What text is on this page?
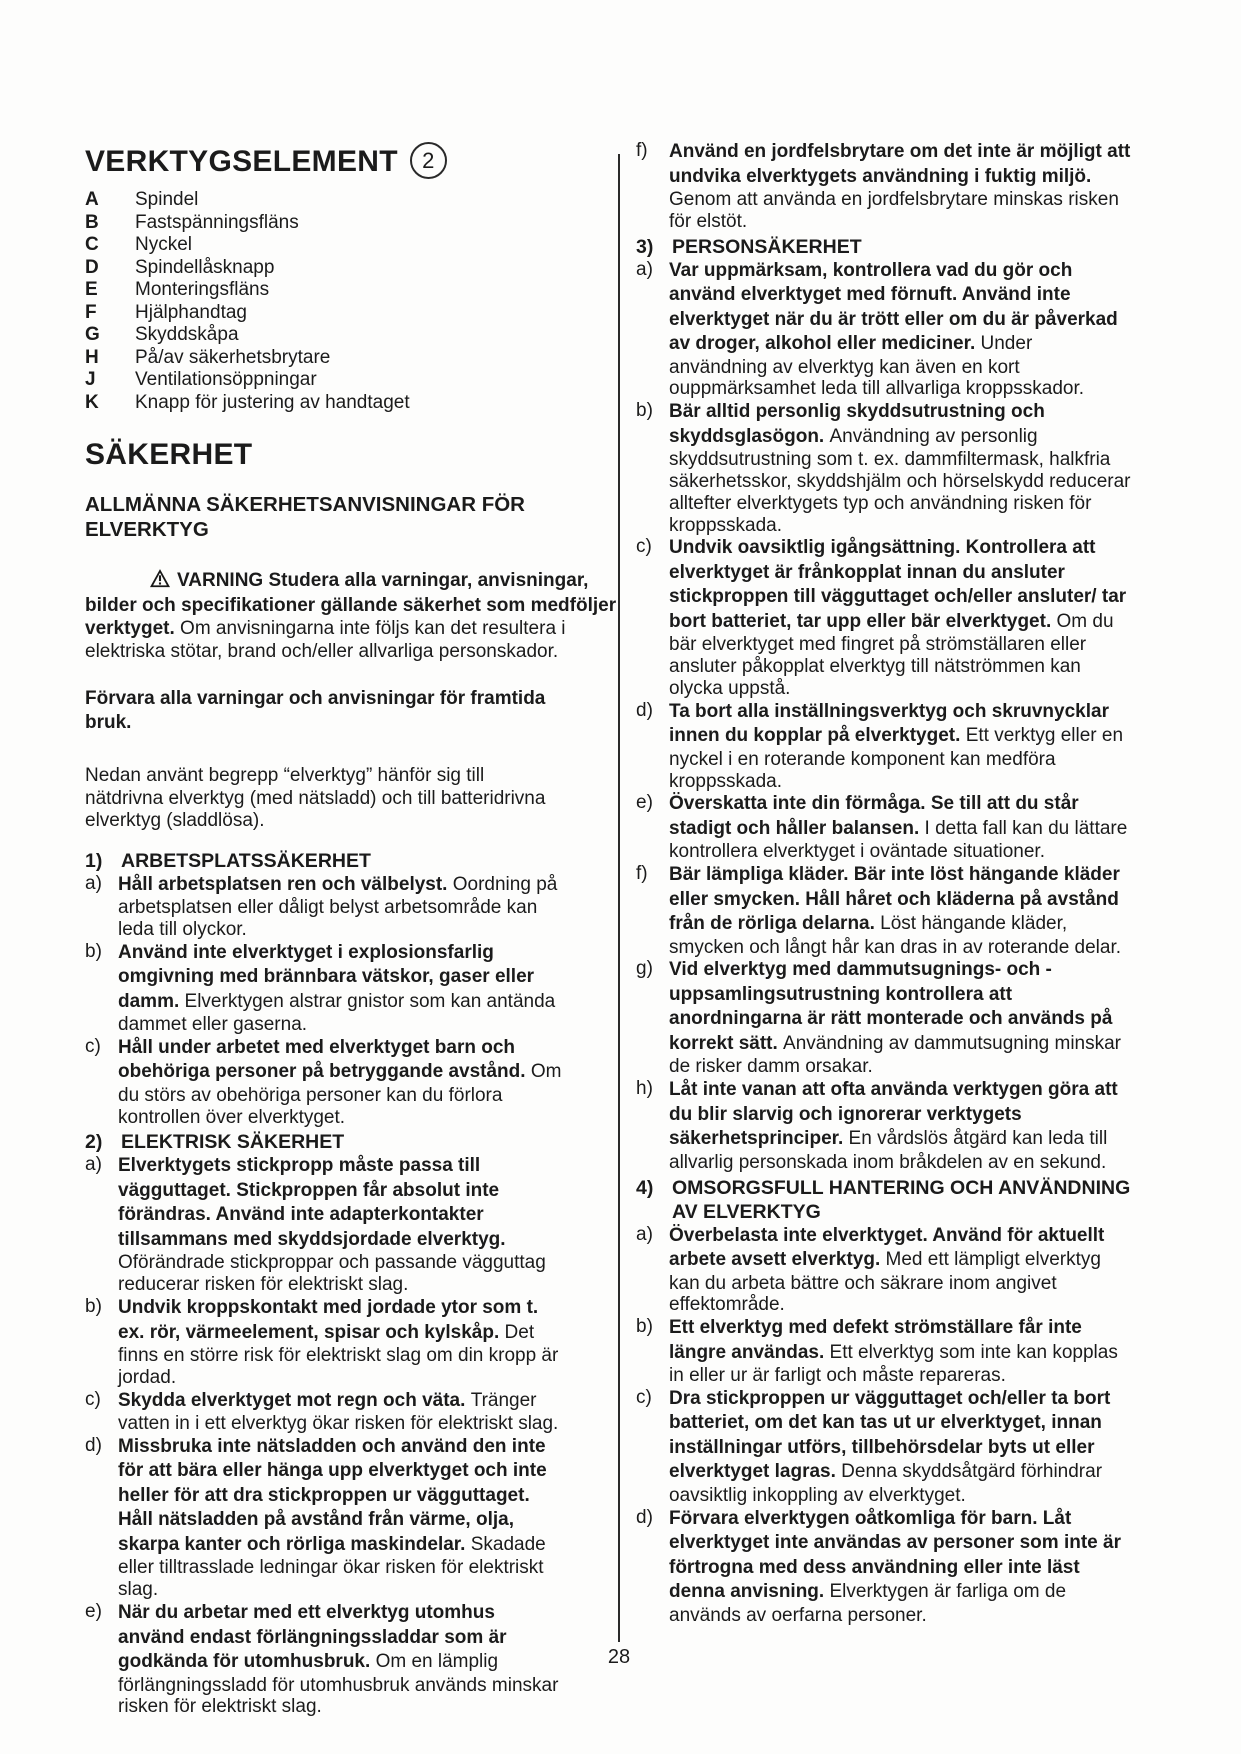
VERKTYGSELEMENT 2
A	Spindel
B	Fastspänningsfläns
C	Nyckel
D	Spindellåsknapp
E	Monteringsfläns
F	Hjälphandtag
G	Skyddskåpa
H	På/av säkerhetsbrytare
J	Ventilationsöppningar
K	Knapp för justering av handtaget
SÄKERHET
ALLMÄNNA SÄKERHETSANVISNINGAR FÖR ELVERKTYG
VARNING Studera alla varningar, anvisningar, bilder och specifikationer gällande säkerhet som medföljer verktyget. Om anvisningarna inte följs kan det resultera i elektriska stötar, brand och/eller allvarliga personskador.
Förvara alla varningar och anvisningar för framtida bruk.
Nedan använt begrepp “elverktyg” hänför sig till nätdrivna elverktyg (med nätsladd) och till batteridrivna elverktyg (sladdlösa).
1) ARBETSPLATSSÄKERHET
a) Håll arbetsplatsen ren och välbelyst. Oordning på arbetsplatsen eller dåligt belyst arbetsområde kan leda till olyckor.
b) Använd inte elverktyget i explosionsfarlig omgivning med brännbara vätskor, gaser eller damm. Elverktygen alstrar gnistor som kan antända dammet eller gaserna.
c) Håll under arbetet med elverktyget barn och obehöriga personer på betryggande avstånd. Om du störs av obehöriga personer kan du förlora kontrollen över elverktyget.
2) ELEKTRISK SÄKERHET
a) Elverktygets stickpropp måste passa till vägguttaget. Stickproppen får absolut inte förändras. Använd inte adapterkontakter tillsammans med skyddsjordade elverktyg. Oförändrade stickproppar och passande vägguttag reducerar risken för elektriskt slag.
b) Undvik kroppskontakt med jordade ytor som t. ex. rör, värmeelement, spisar och kylskåp. Det finns en större risk för elektriskt slag om din kropp är jordad.
c) Skydda elverktyget mot regn och väta. Tränger vatten in i ett elverktyg ökar risken för elektriskt slag.
d) Missbruka inte nätsladden och använd den inte för att bära eller hänga upp elverktyget och inte heller för att dra stickproppen ur vägguttaget. Håll nätsladden på avstånd från värme, olja, skarpa kanter och rörliga maskindelar. Skadade eller tilltrasslade ledningar ökar risken för elektriskt slag.
e) När du arbetar med ett elverktyg utomhus använd endast förlängningssladdar som är godkända för utomhusbruk. Om en lämplig förlängningssladd för utomhusbruk används minskar risken för elektriskt slag.
f)	Använd en jordfelsbrytare om det inte är möjligt att undvika elverktygets användning i fuktig miljö. Genom att använda en jordfelsbrytare minskas risken för elstöt.
3) PERSONSÄKERHET
a) Var uppmärksam, kontrollera vad du gör och använd elverktyget med förnuft. Använd inte elverktyget när du är trött eller om du är påverkad av droger, alkohol eller mediciner. Under användning av elverktyg kan även en kort ouppmärksamhet leda till allvarliga kroppsskador.
b) Bär alltid personlig skyddsutrustning och skyddsglasögon. Användning av personlig skyddsutrustning som t. ex. dammfiltermask, halkfria säkerhetsskor, skyddshjälm och hörselskydd reducerar alltefter elverktygets typ och användning risken för kroppsskada.
c) Undvik oavsiktlig igångsättning. Kontrollera att elverktyget är frånkopplat innan du ansluter stickproppen till vägguttaget och/eller ansluter/ tar bort batteriet, tar upp eller bär elverktyget. Om du bär elverktyget med fingret på strömställaren eller ansluter påkopplat elverktyg till nätströmmen kan olycka uppstå.
d) Ta bort alla inställningsverktyg och skruvnycklar innen du kopplar på elverktyget. Ett verktyg eller en nyckel i en roterande komponent kan medföra kroppsskada.
e) Överskatta inte din förmåga. Se till att du står stadigt och håller balansen. I detta fall kan du lättare kontrollera elverktyget i oväntade situationer.
f)	Bär lämpliga kläder. Bär inte löst hängande kläder eller smycken. Håll håret och kläderna på avstånd från de rörliga delarna. Löst hängande kläder, smycken och långt hår kan dras in av roterande delar.
g) Vid elverktyg med dammutsugnings- och -uppsamlingsutrustning kontrollera att anordningarna är rätt monterade och används på korrekt sätt. Användning av dammutsugning minskar de risker damm orsakar.
h) Låt inte vanan att ofta använda verktygen göra att du blir slarvig och ignorerar verktygets säkerhetsprinciper. En vårdslös åtgärd kan leda till allvarlig personskada inom bråkdelen av en sekund.
4) OMSORGSFULL HANTERING OCH ANVÄNDNING AV ELVERKTYG
a) Överbelasta inte elverktyget. Använd för aktuellt arbete avsett elverktyg. Med ett lämpligt elverktyg kan du arbeta bättre och säkrare inom angivet effektområde.
b) Ett elverktyg med defekt strömställare får inte längre användas. Ett elverktyg som inte kan kopplas in eller ur är farligt och måste repareras.
c) Dra stickproppen ur vägguttaget och/eller ta bort batteriet, om det kan tas ut ur elverktyget, innan inställningar utförs, tillbehörsdelar byts ut eller elverktyget lagras. Denna skyddsåtgärd förhindrar oavsiktlig inkoppling av elverktyget.
d) Förvara elverktygen oåtkomliga för barn. Låt elverktyget inte användas av personer som inte är förtrogna med dess användning eller inte läst denna anvisning. Elverktygen är farliga om de används av oerfarna personer.
28
